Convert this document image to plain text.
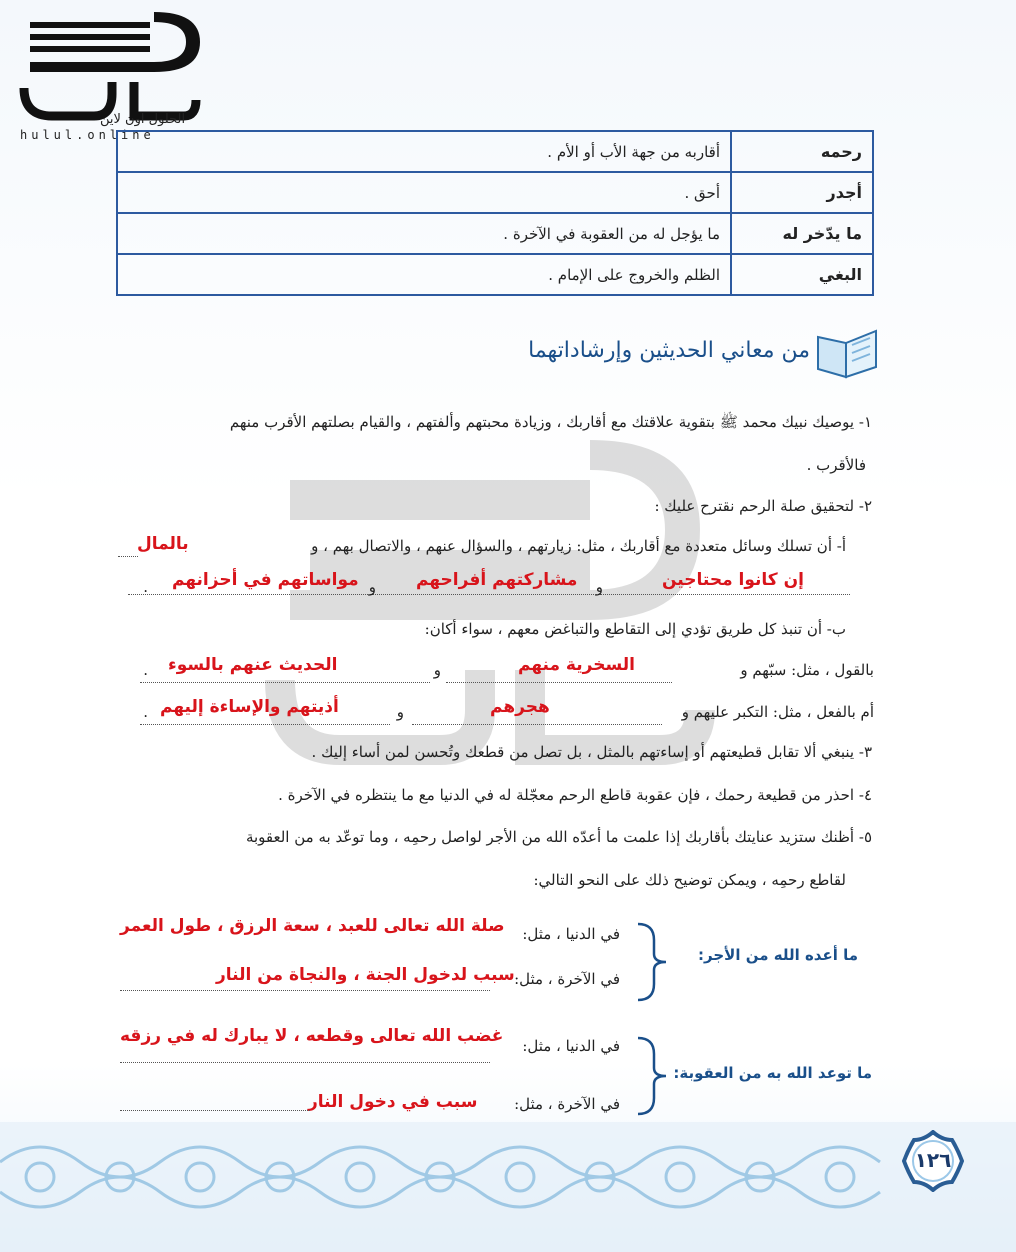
الحلول اون لاين
hulul.online
رحمه	أقاربه من جهة الأب أو الأم .
أجدر	أحق .
ما يدّخر له	ما يؤجل له من العقوبة في الآخرة .
البغي	الظلم والخروج على الإمام .
من معاني الحديثين وإرشاداتهما
١- يوصيك نبيك محمد ﷺ بتقوية علاقتك مع أقاربك ، وزيادة محبتهم وألفتهم ، والقيام بصلتهم الأقرب منهم
فالأقرب .
٢- لتحقيق صلة الرحم نقترح عليك :
أ- أن تسلك وسائل متعددة مع أقاربك ، مثل: زيارتهم ، والسؤال عنهم ، والاتصال بهم ، و
بالمال
إن كانوا محتاجين
و
مشاركتهم أفراحهم
و
مواساتهم في أحزانهم
.
ب- أن تنبذ كل طريق تؤدي إلى التقاطع والتباغض معهم ، سواء أكان:
بالقول ، مثل: سبّهم و
السخرية منهم
و
الحديث عنهم بالسوء
.
أم بالفعل ، مثل: التكبر عليهم و
هجرهم
و
أذيتهم والإساءة إليهم
.
٣- ينبغي ألا تقابل قطيعتهم أو إساءتهم بالمثل ، بل تصل من قطعك وتُحسن لمن أساء إليك .
٤- احذر من قطيعة رحمك ، فإن عقوبة قاطع الرحم معجّلة له في الدنيا مع ما ينتظره في الآخرة .
٥- أظنك ستزيد عنايتك بأقاربك إذا علمت ما أعدّه الله من الأجر لواصل رحمِه ، وما توعّد به من العقوبة
لقاطع رحمِه ، ويمكن توضيح ذلك على النحو التالي:
ما أعده الله من الأجر:
في الدنيا ، مثل:
صلة الله تعالى للعبد ، سعة الرزق ، طول العمر
في الآخرة ، مثل:
سبب لدخول الجنة ، والنجاة من النار
ما توعد الله به من العقوبة:
في الدنيا ، مثل:
غضب الله تعالى وقطعه ، لا يبارك له في رزقه
في الآخرة ، مثل:
سبب في دخول النار
١٢٦
